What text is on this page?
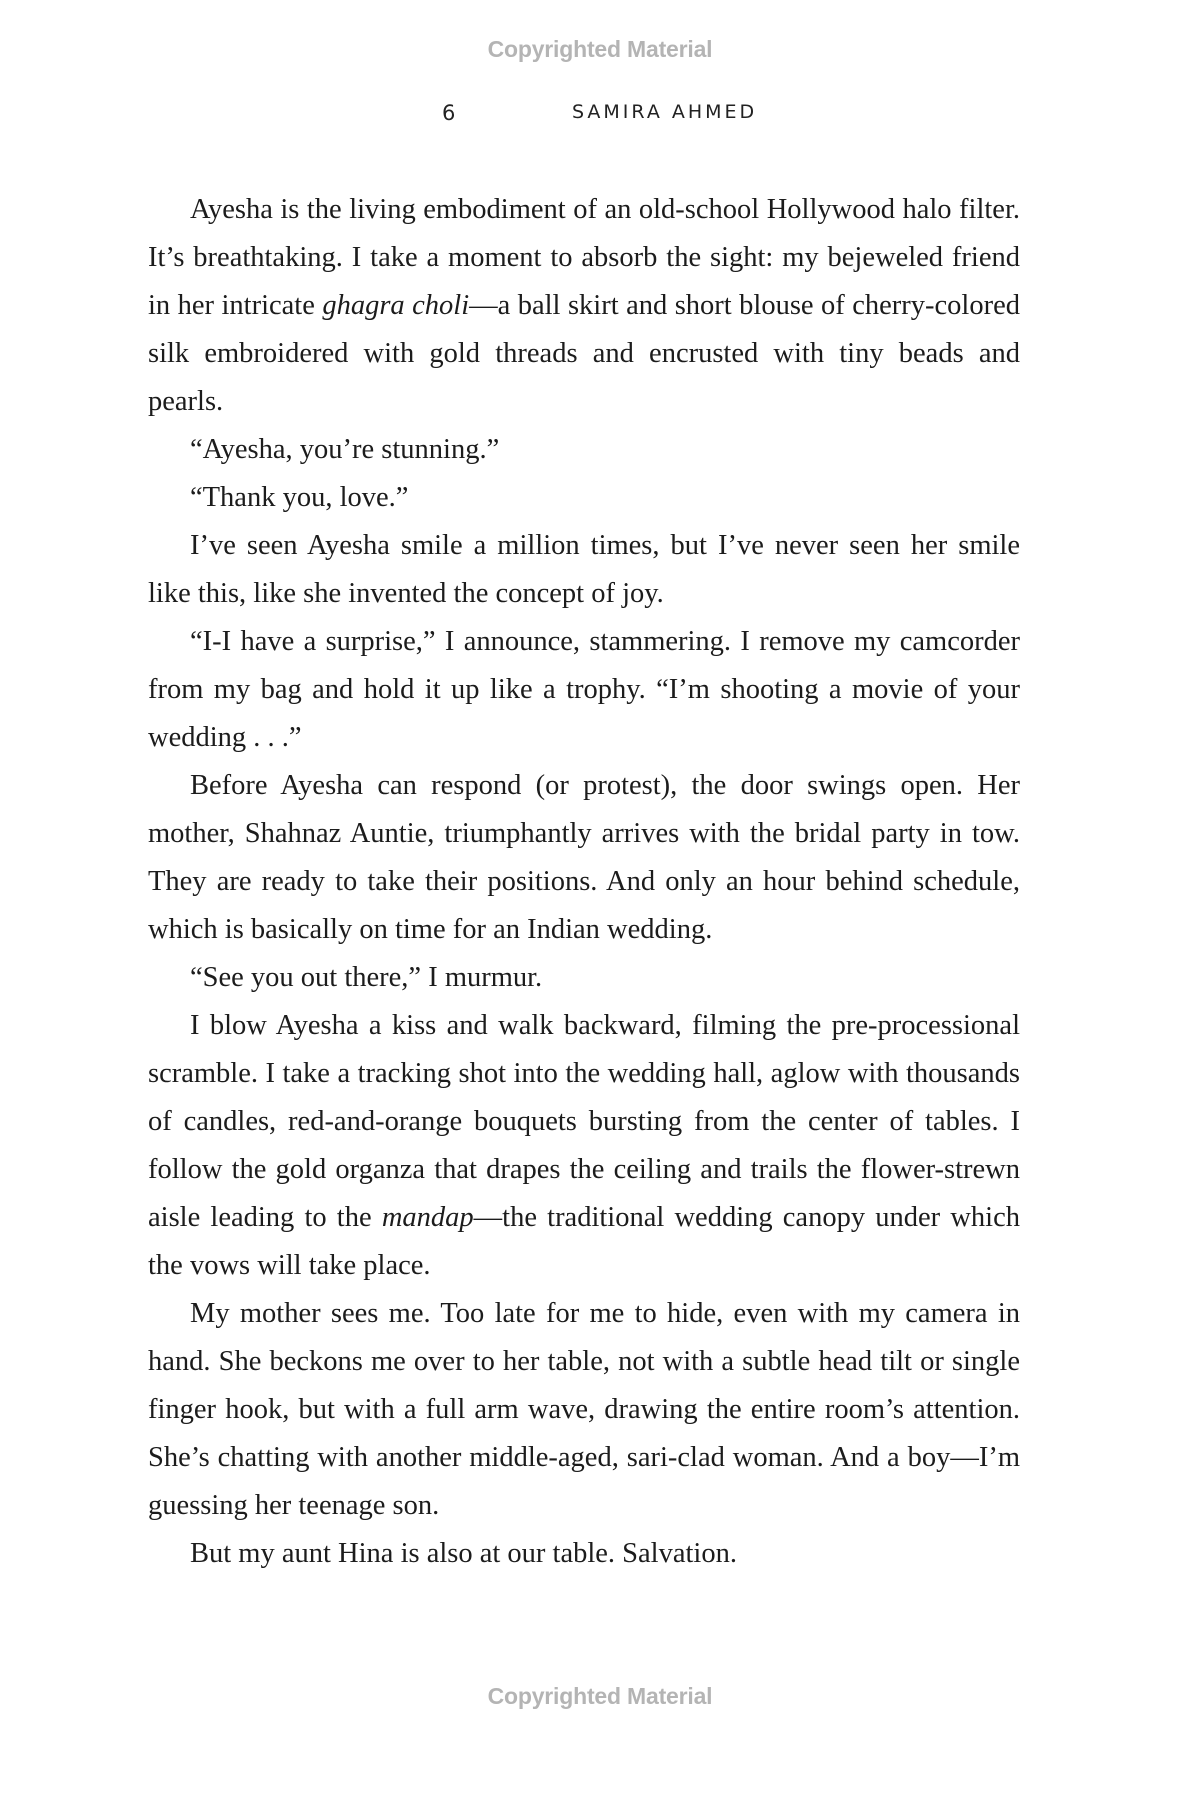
Copyrighted Material
6	SAMIRA AHMED

Ayesha is the living embodiment of an old-school Hollywood halo filter. It’s breathtaking. I take a moment to absorb the sight: my bejeweled friend in her intricate ghagra choli—a ball skirt and short blouse of cherry-colored silk embroidered with gold threads and encrusted with tiny beads and pearls.

“Ayesha, you’re stunning.”

“Thank you, love.”

I’ve seen Ayesha smile a million times, but I’ve never seen her smile like this, like she invented the concept of joy.

“I-I have a surprise,” I announce, stammering. I remove my camcorder from my bag and hold it up like a trophy. “I’m shooting a movie of your wedding . . .”

Before Ayesha can respond (or protest), the door swings open. Her mother, Shahnaz Auntie, triumphantly arrives with the bridal party in tow. They are ready to take their positions. And only an hour behind schedule, which is basically on time for an Indian wedding.

“See you out there,” I murmur.

I blow Ayesha a kiss and walk backward, filming the pre-processional scramble. I take a tracking shot into the wedding hall, aglow with thousands of candles, red-and-orange bouquets bursting from the center of tables. I follow the gold organza that drapes the ceiling and trails the flower-strewn aisle leading to the mandap—the traditional wedding canopy under which the vows will take place.

My mother sees me. Too late for me to hide, even with my camera in hand. She beckons me over to her table, not with a subtle head tilt or single finger hook, but with a full arm wave, drawing the entire room’s attention. She’s chatting with another middle-aged, sari-clad woman. And a boy—I’m guessing her teenage son.

But my aunt Hina is also at our table. Salvation.

Copyrighted Material
